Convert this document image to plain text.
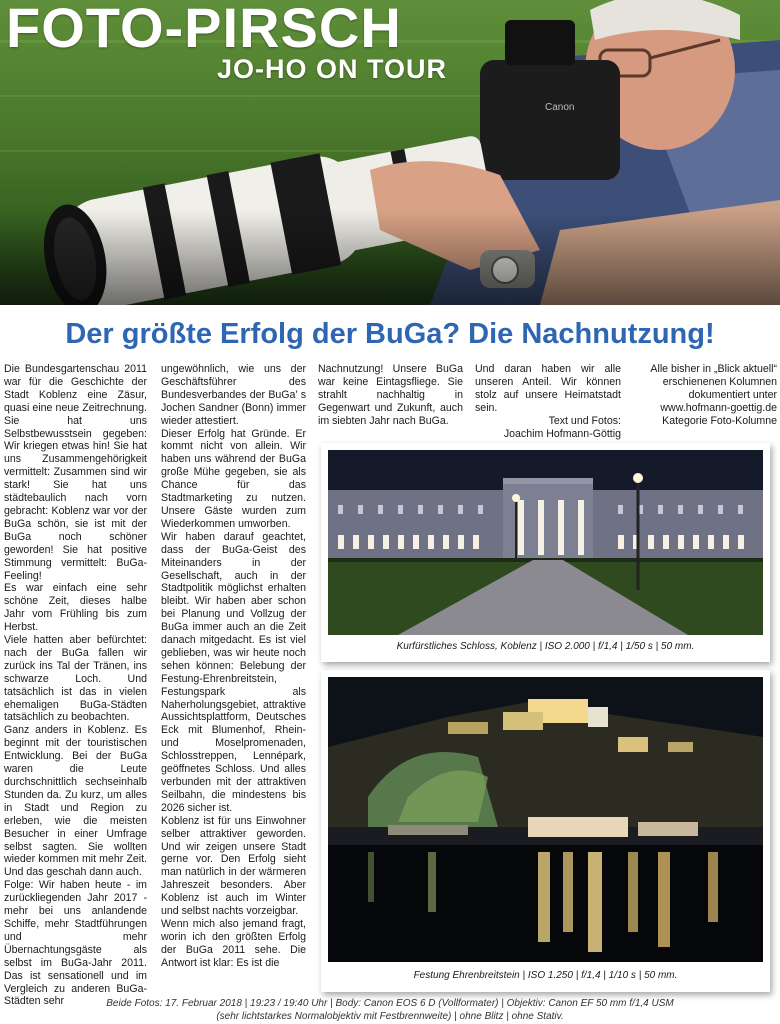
Canon
FOTO-PIRSCH
JO-HO ON TOUR
Der größte Erfolg der BuGa? Die Nachnutzung!

Die Bundesgartenschau 2011 war für die Geschichte der Stadt Koblenz eine Zäsur, quasi eine neue Zeitrechnung. Sie hat uns Selbstbewusstsein gegeben: Wir kriegen etwas hin! Sie hat uns Zusammengehörigkeit vermittelt: Zusammen sind wir stark! Sie hat uns städtebaulich nach vorn gebracht: Koblenz war vor der BuGa schön, sie ist mit der BuGa noch schöner geworden! Sie hat positive Stimmung vermittelt: BuGa-Feeling!

Es war einfach eine sehr schöne Zeit, dieses halbe Jahr vom Frühling bis zum Herbst.

Viele hatten aber befürchtet: nach der BuGa fallen wir zurück ins Tal der Tränen, ins schwarze Loch. Und tatsächlich ist das in vielen ehemaligen BuGa-Städten tatsächlich zu beobachten.

Ganz anders in Koblenz. Es beginnt mit der touristischen Entwicklung. Bei der BuGa waren die Leute durchschnittlich sechseinhalb Stunden da. Zu kurz, um alles in Stadt und Region zu erleben, wie die meisten Besucher in einer Umfrage selbst sagten. Sie wollten wieder kommen mit mehr Zeit. Und das geschah dann auch.

Folge: Wir haben heute - im zurückliegenden Jahr 2017 - mehr bei uns anlandende Schiffe, mehr Stadtführungen und mehr Übernachtungsgäste als selbst im BuGa-Jahr 2011. Das ist sensationell und im Vergleich zu anderen BuGa-Städten sehr

ungewöhnlich, wie uns der Geschäftsführer des Bundesverbandes der BuGa’ s Jochen Sandner (Bonn) immer wieder attestiert.

Dieser Erfolg hat Gründe. Er kommt nicht von allein. Wir haben uns während der BuGa große Mühe gegeben, sie als Chance für das Stadtmarketing zu nutzen. Unsere Gäste wurden zum Wiederkommen umworben.

Wir haben darauf geachtet, dass der BuGa-Geist des Miteinanders in der Gesellschaft, auch in der Stadtpolitik möglichst erhalten bleibt. Wir haben aber schon bei Planung und Vollzug der BuGa immer auch an die Zeit danach mitgedacht. Es ist viel geblieben, was wir heute noch sehen können: Belebung der Festung-Ehrenbreitstein, Festungspark als Naherholungsgebiet, attraktive Aussichtsplattform, Deutsches Eck mit Blumenhof, Rhein- und Moselpromenaden, Schlosstreppen, Lennépark, geöffnetes Schloss. Und alles verbunden mit der attraktiven Seilbahn, die mindestens bis 2026 sicher ist.

Koblenz ist für uns Einwohner selber attraktiver geworden. Und wir zeigen unsere Stadt gerne vor. Den Erfolg sieht man natürlich in der wärmeren Jahreszeit besonders. Aber Koblenz ist auch im Winter und selbst nachts vorzeigbar.

Wenn mich also jemand fragt, worin ich den größten Erfolg der BuGa 2011 sehe. Die Antwort ist klar: Es ist die

Nachnutzung! Unsere BuGa war keine Eintagsfliege. Sie strahlt nachhaltig in Gegenwart und Zukunft, auch im siebten Jahr nach BuGa.

Und daran haben wir alle unseren Anteil. Wir können stolz auf unsere Heimatstadt sein.

Text und Fotos:

Joachim Hofmann-Göttig

Alle bisher in „Blick aktuell“ erschienenen Kolumnen dokumentiert unter www.hofmann-goettig.de Kategorie Foto-Kolumne

Kurfürstliches Schloss, Koblenz | ISO 2.000 | f/1,4 | 1/50 s | 50 mm.
Festung Ehrenbreitstein | ISO 1.250 | f/1,4 | 1/10 s | 50 mm.
Beide Fotos: 17. Februar 2018 | 19:23 / 19:40 Uhr | Body: Canon EOS 6 D (Vollformater) | Objektiv: Canon EF 50 mm f/1,4 USM
(sehr lichtstarkes Normalobjektiv mit Festbrennweite) | ohne Blitz | ohne Stativ.
